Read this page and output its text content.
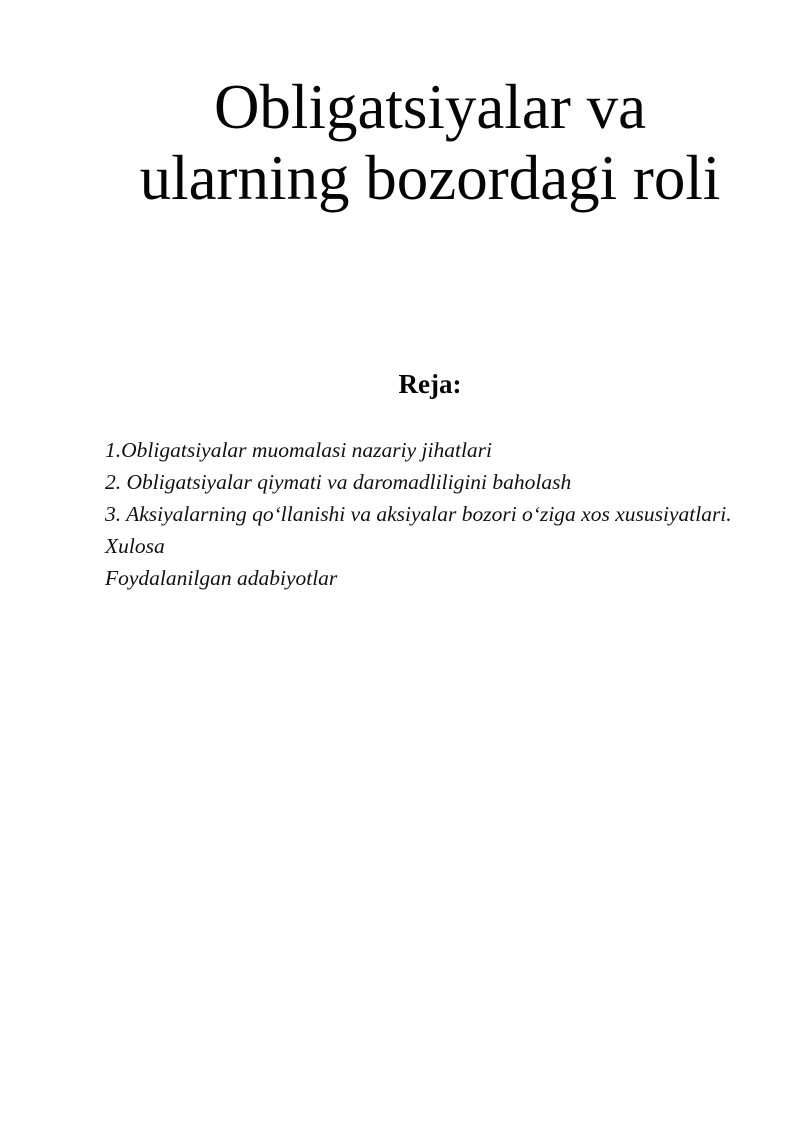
Obligatsiyalar va
ularning bozordagi roli
Reja:
1.Obligatsiyalar muomalasi nazariy jihatlari
2. Obligatsiyalar qiymati va daromadliligini baholash
3. Aksiyalarning qo‘llanishi va aksiyalar bozori o‘ziga xos xususiyatlari.
Xulosa
Foydalanilgan adabiyotlar
